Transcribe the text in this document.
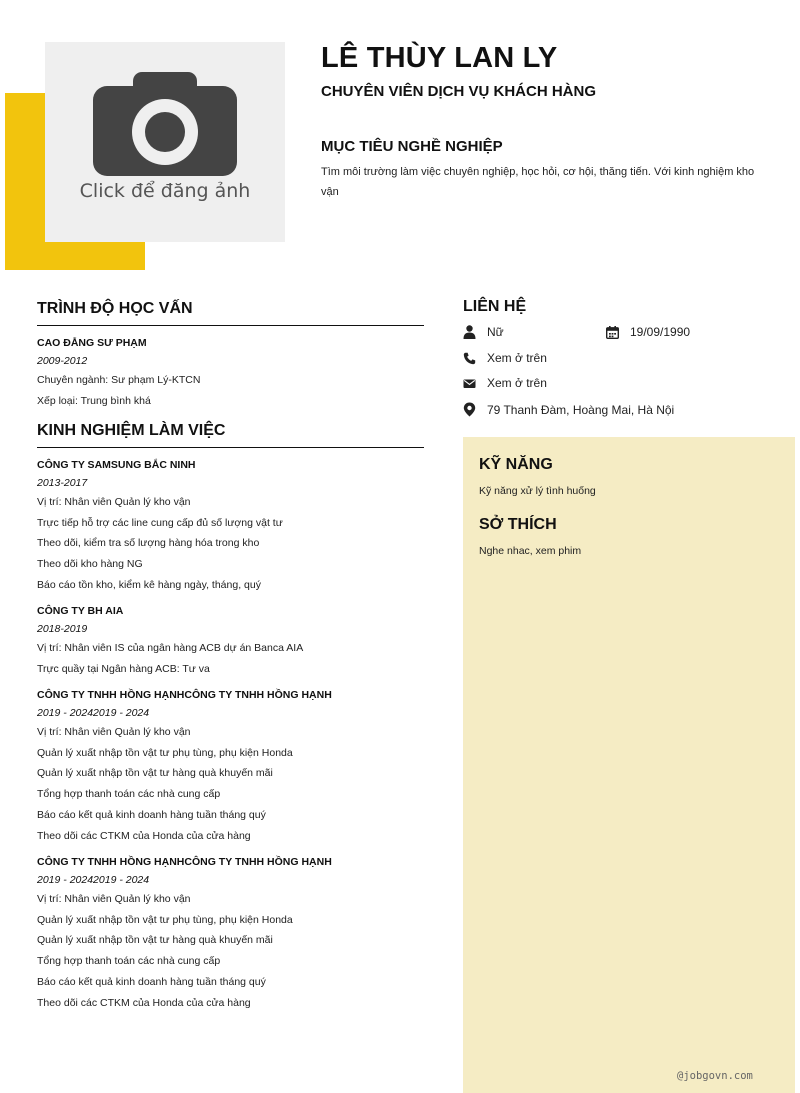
Click để đăng ảnh
LÊ THÙY LAN LY
CHUYÊN VIÊN DỊCH VỤ KHÁCH HÀNG
MỤC TIÊU NGHỀ NGHIỆP
Tìm môi trường làm việc chuyên nghiệp, học hỏi, cơ hội, thăng tiến. Với kinh nghiệm kho vận
TRÌNH ĐỘ HỌC VẤN
CAO ĐẲNG SƯ PHẠM
2009-2012
Chuyên ngành: Sư phạm Lý-KTCN
Xếp loại: Trung bình khá
KINH NGHIỆM LÀM VIỆC
CÔNG TY SAMSUNG BẮC NINH
2013-2017
Vị trí: Nhân viên Quản lý kho vận
Trực tiếp hỗ trợ các line cung cấp đủ số lượng vật tư
Theo dõi, kiểm tra số lượng hàng hóa trong kho
Theo dõi kho hàng NG
Báo cáo tồn kho, kiểm kê hàng ngày, tháng, quý
CÔNG TY BH AIA
2018-2019
Vị trí: Nhân viên IS của ngân hàng ACB dự án Banca AIA
Trực quầy tại Ngân hàng ACB: Tư va
CÔNG TY TNHH HỒNG HẠNHCÔNG TY TNHH HỒNG HẠNH
2019 - 20242019 - 2024
Vị trí: Nhân viên Quản lý kho vận
Quản lý xuất nhập tồn vật tư phụ tùng, phụ kiện Honda
Quản lý xuất nhập tồn vật tư hàng quà khuyến mãi
Tổng hợp thanh toán các nhà cung cấp
Báo cáo kết quả kinh doanh hàng tuần tháng quý
Theo dõi các CTKM của Honda của cửa hàng
CÔNG TY TNHH HỒNG HẠNHCÔNG TY TNHH HỒNG HẠNH
2019 - 20242019 - 2024
Vị trí: Nhân viên Quản lý kho vận
Quản lý xuất nhập tồn vật tư phụ tùng, phụ kiện Honda
Quản lý xuất nhập tồn vật tư hàng quà khuyến mãi
Tổng hợp thanh toán các nhà cung cấp
Báo cáo kết quả kinh doanh hàng tuần tháng quý
Theo dõi các CTKM của Honda của cửa hàng
LIÊN HỆ
Nữ	19/09/1990
Xem ở trên
Xem ở trên
79 Thanh Đàm, Hoàng Mai, Hà Nội
KỸ NĂNG
Kỹ năng xử lý tình huống
SỞ THÍCH
Nghe nhac, xem phim
@jobgovn.com
